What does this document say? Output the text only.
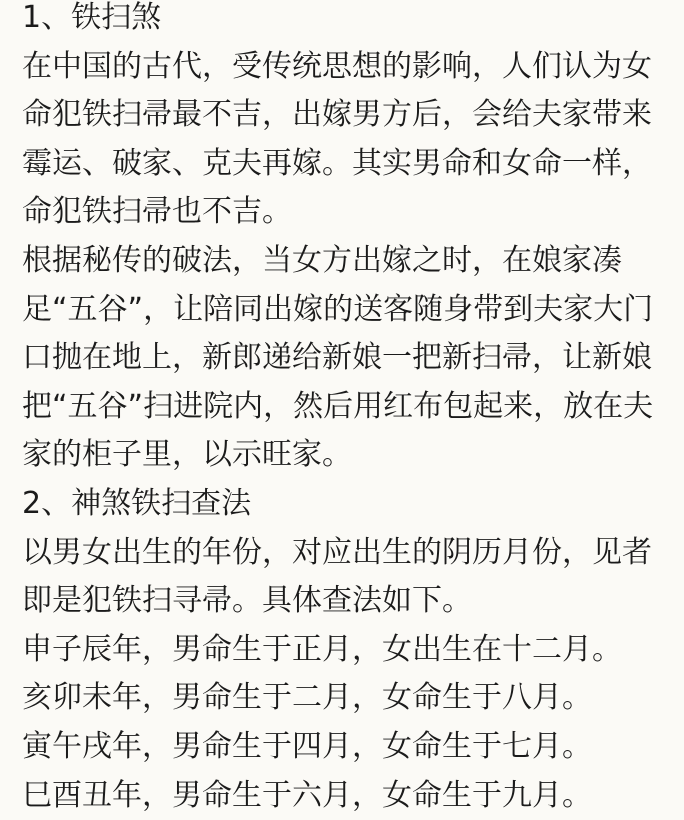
1、铁扫煞
在中国的古代，受传统思想的影响，人们认为女
命犯铁扫帚最不吉，出嫁男方后，会给夫家带来
霉运、破家、克夫再嫁。其实男命和女命一样，
命犯铁扫帚也不吉。
根据秘传的破法，当女方出嫁之时，在娘家凑
足“五谷”，让陪同出嫁的送客随身带到夫家大门
口抛在地上，新郎递给新娘一把新扫帚，让新娘
把“五谷”扫进院内，然后用红布包起来，放在夫
家的柜子里，以示旺家。
2、神煞铁扫查法
以男女出生的年份，对应出生的阴历月份，见者
即是犯铁扫寻帚。具体查法如下。
申子辰年，男命生于正月，女出生在十二月。
亥卯未年，男命生于二月，女命生于八月。
寅午戌年，男命生于四月，女命生于七月。
巳酉丑年，男命生于六月，女命生于九月。
